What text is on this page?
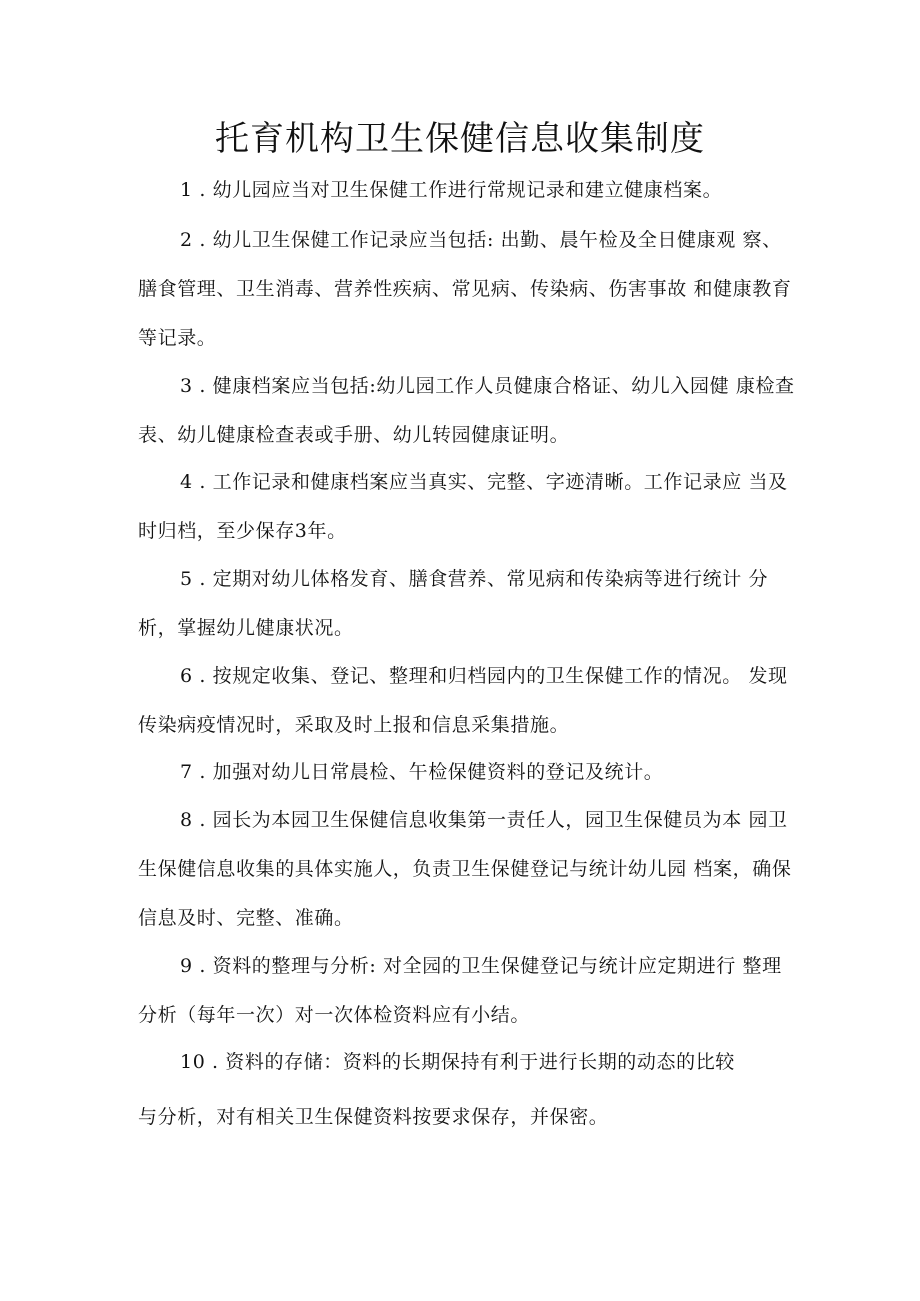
托育机构卫生保健信息收集制度

1 . 幼儿园应当对卫生保健工作进行常规记录和建立健康档案。

2 . 幼儿卫生保健工作记录应当包括: 出勤、晨午检及全日健康观 察、膳食管理、卫生消毒、营养性疾病、常见病、传染病、伤害事故 和健康教育等记录。

3 . 健康档案应当包括:幼儿园工作人员健康合格证、幼儿入园健 康检查表、幼儿健康检查表或手册、幼儿转园健康证明。

4 . 工作记录和健康档案应当真实、完整、字迹清晰。工作记录应 当及时归档，至少保存3年。

5 . 定期对幼儿体格发育、膳食营养、常见病和传染病等进行统计 分析，掌握幼儿健康状况。

6 . 按规定收集、登记、整理和归档园内的卫生保健工作的情况。 发现传染病疫情况时，采取及时上报和信息采集措施。

7 . 加强对幼儿日常晨检、午检保健资料的登记及统计。

8 . 园长为本园卫生保健信息收集第一责任人，园卫生保健员为本 园卫生保健信息收集的具体实施人，负责卫生保健登记与统计幼儿园 档案，确保信息及时、完整、准确。

9 . 资料的整理与分析: 对全园的卫生保健登记与统计应定期进行 整理分析（每年一次）对一次体检资料应有小结。

10 . 资料的存储：资料的长期保持有利于进行长期的动态的比较

与分析，对有相关卫生保健资料按要求保存，并保密。
